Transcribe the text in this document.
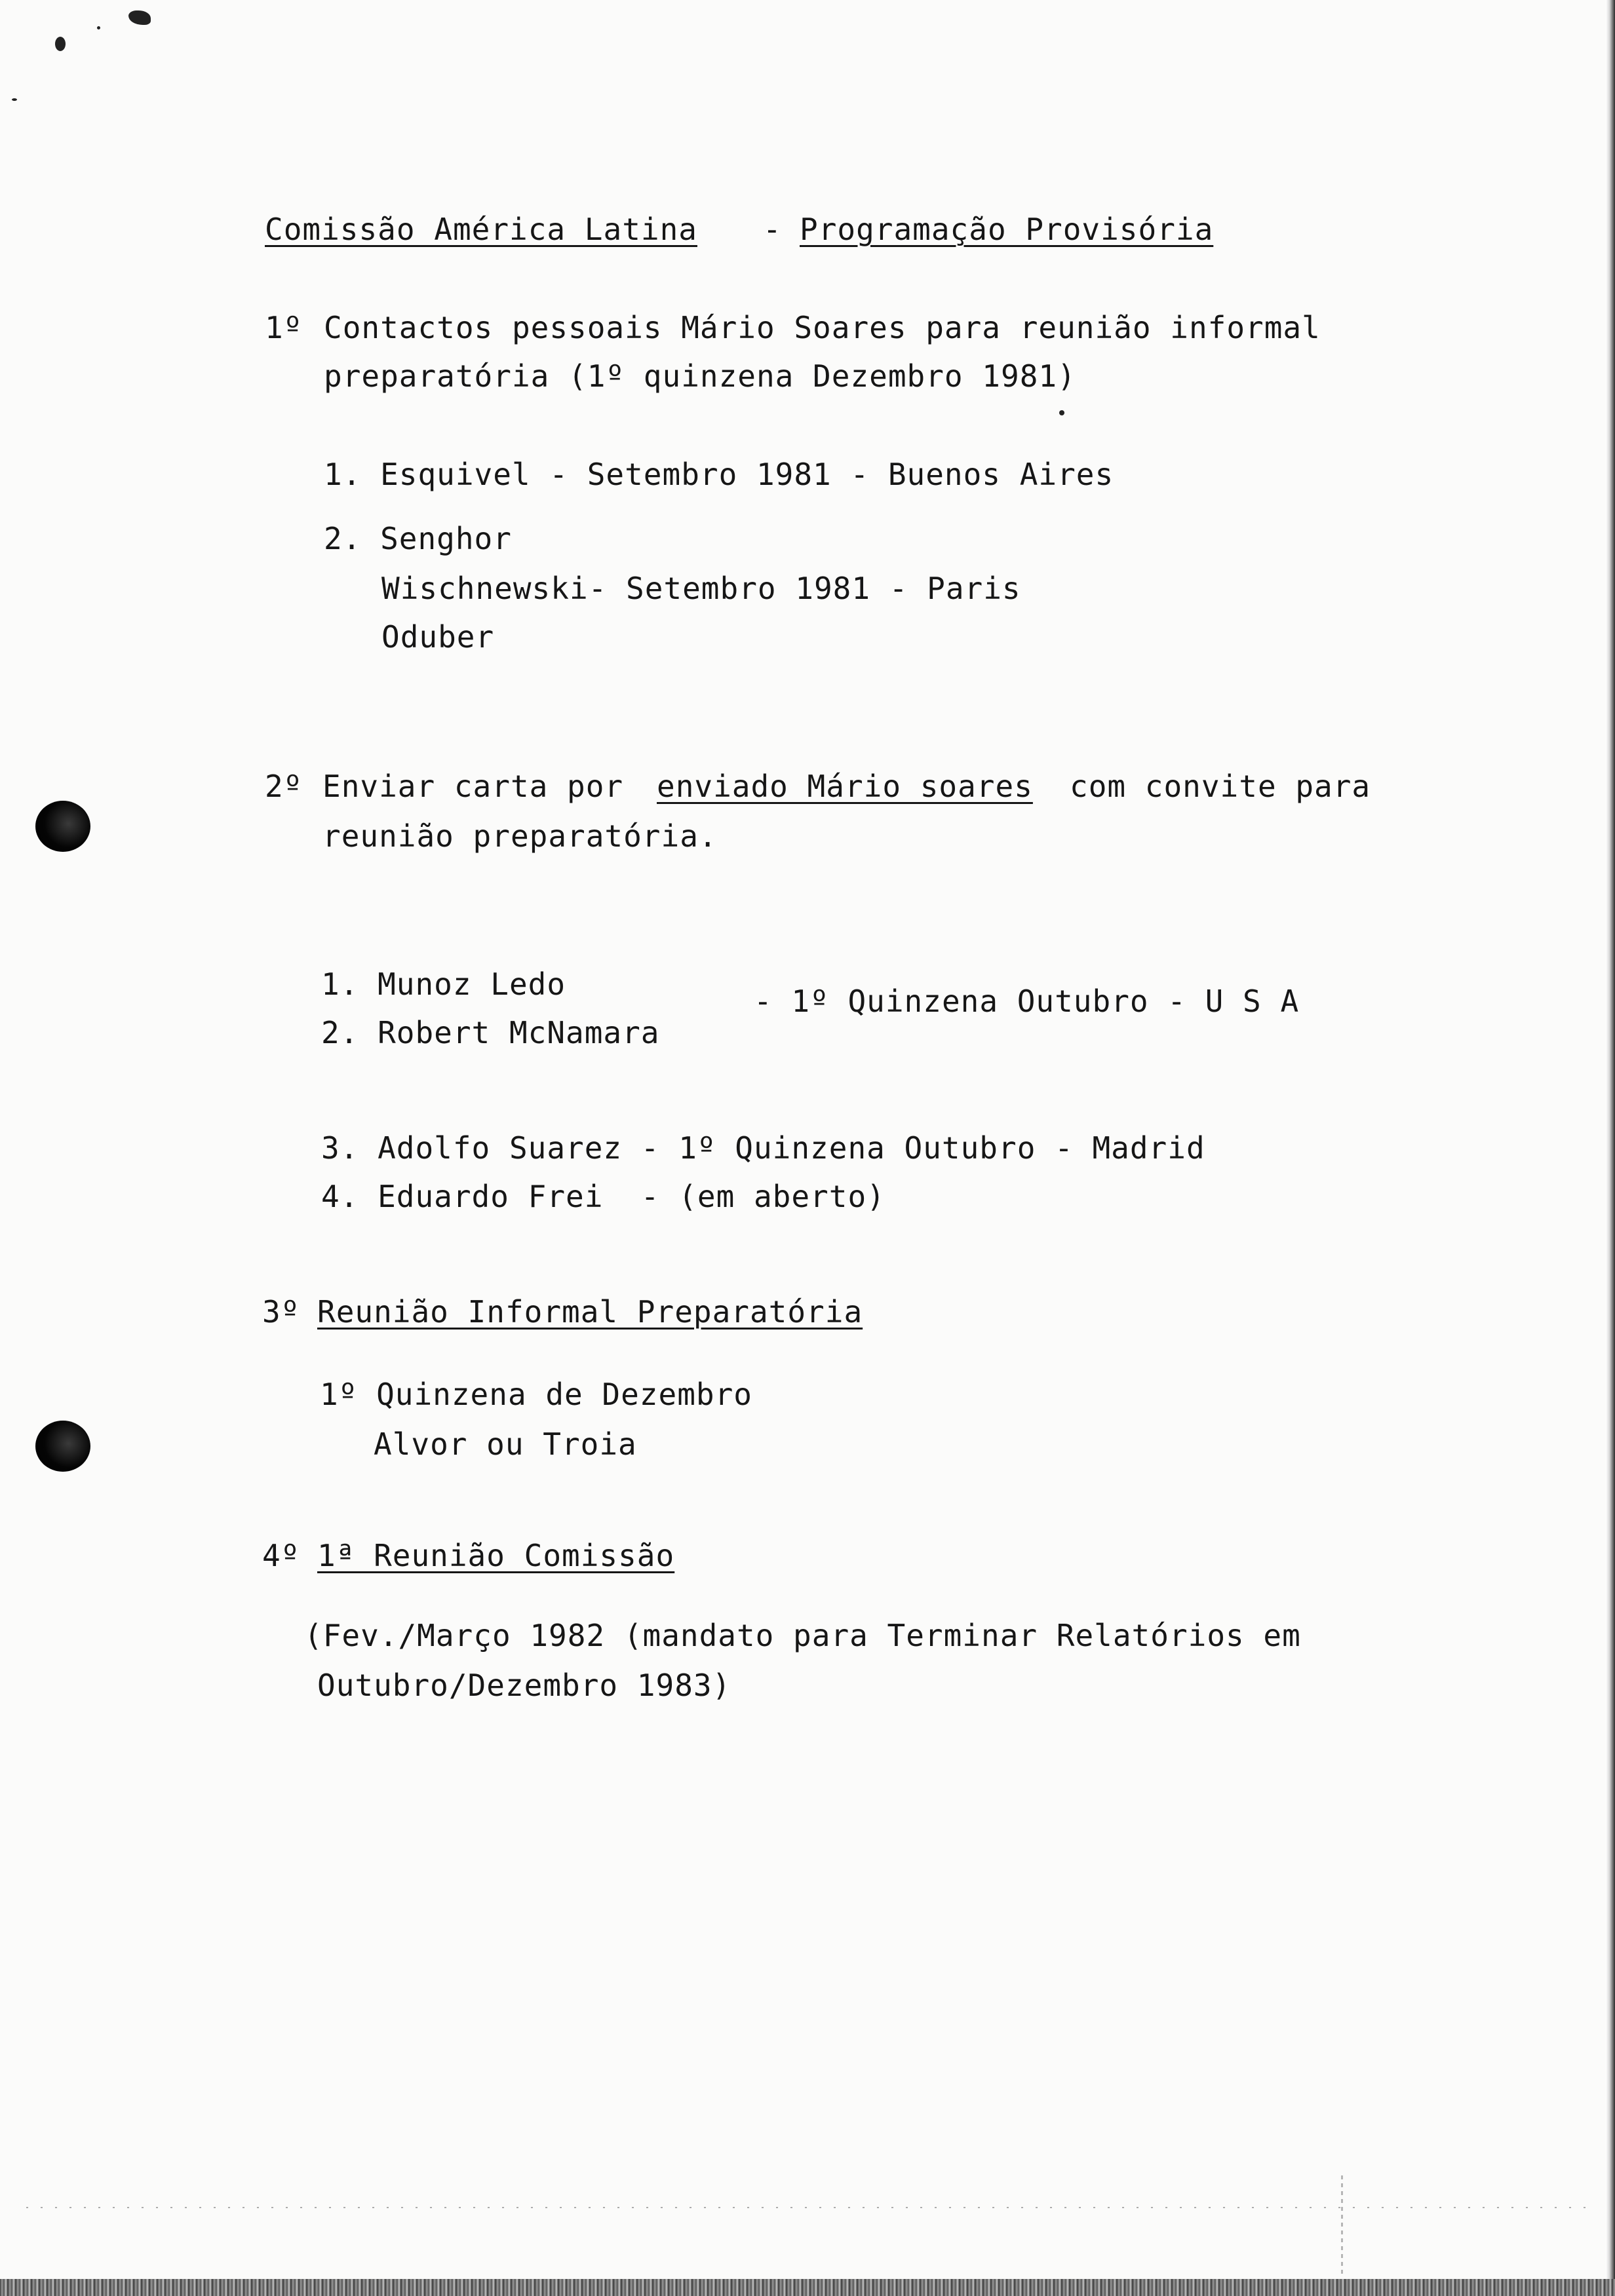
Comissão América Latina - Programação Provisória
1º Contactos pessoais Mário Soares para reunião informal
preparatória (1º quinzena Dezembro 1981)
1. Esquivel - Setembro 1981 - Buenos Aires
2. Senghor
Wischnewski- Setembro 1981 - Paris
Oduber
2º Enviar carta por enviado Mário soares com convite para
reunião preparatória.
1. Munoz Ledo
2. Robert McNamara
- 1º Quinzena Outubro - U S A
3. Adolfo Suarez - 1º Quinzena Outubro - Madrid
4. Eduardo Frei  - (em aberto)
3º Reunião Informal Preparatória
1º Quinzena de Dezembro
Alvor ou Troia
4º 1ª Reunião Comissão
(Fev./Março 1982 (mandato para Terminar Relatórios em
Outubro/Dezembro 1983)
